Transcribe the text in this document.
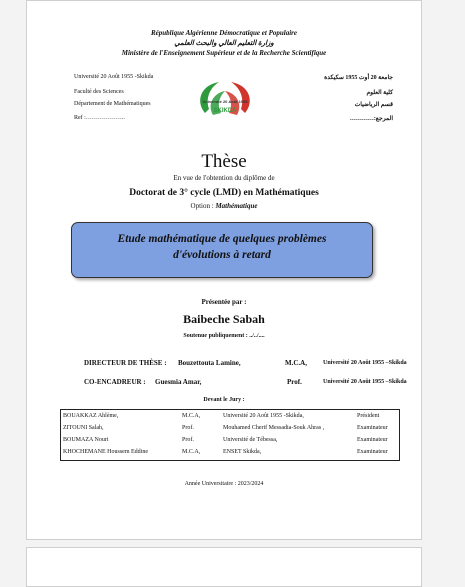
République Algérienne Démocratique et Populaire
وزارة التعليم العالي والبحث العلمي
Ministère de l'Enseignement Supérieur et de la Recherche Scientifique
Université 20 Août 1955 -Skikda
Faculté des Sciences
Département de Mathématiques
Ref :………………..
جامعة 20 أوت 1955 سكيكدة
كلية العلوم
قسم الرياضيات
المرجع:…………
Université 20 Août 1955
SKIKDA
Thèse
En vue de l'obtention du diplôme de
Doctorat de 3° cycle (LMD) en Mathématiques
Option : Mathématique
Etude mathématique de quelques problèmes
d'évolutions à retard
Présentée par :
Baibeche Sabah
Soutenue publiquement : ../../....
DIRECTEUR DE THÈSE : Bouzettouta Lamine,	M.C.A,	Université 20 Août 1955 –Skikda
CO-ENCADREUR : Guesmia Amar,	Prof.	Université 20 Août 1955 –Skikda
Devant le Jury :
BOUAKKAZ Ahlème,	M.C.A,	Université 20 Août 1955 -Skikda,	Président
ZITOUNI Salah,	Prof.	Mouhamed Cherif Messadia-Souk Ahras ,	Examinateur
BOUMAZA Nouri	Prof.	Université de Tébessa,	Examinateur
KHOCHEMANE Houssem Eddine	M.C.A,	ENSET Skikda,	Examinateur
Année Universitaire : 2023/2024
